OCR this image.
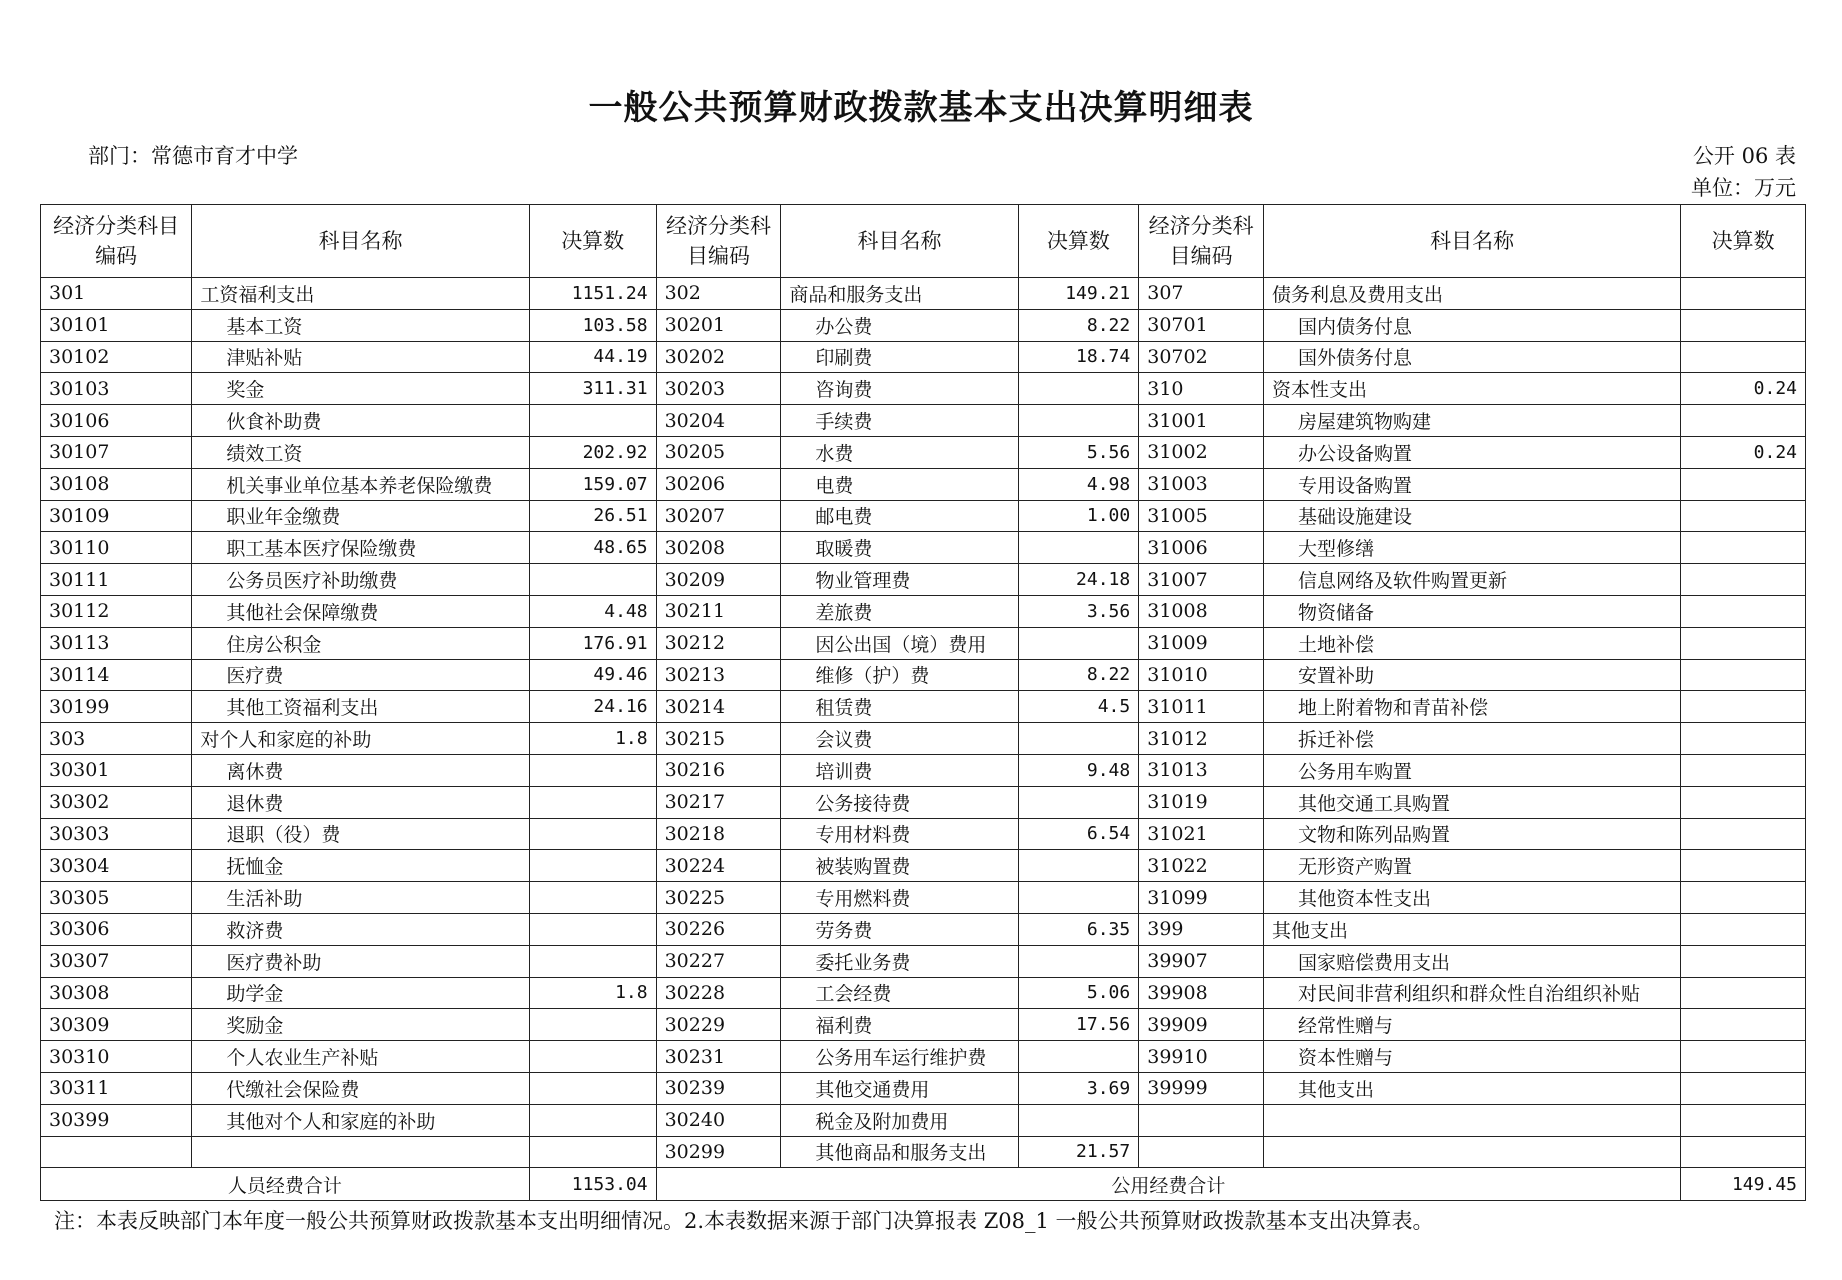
一般公共预算财政拨款基本支出决算明细表
部门：常德市育才中学	公开 06 表
单位：万元
经济分类科目编码	科目名称	决算数	经济分类科目编码	科目名称	决算数	经济分类科目编码	科目名称	决算数
301	工资福利支出	1151.24	302	商品和服务支出	149.21	307	债务利息及费用支出	
30101	基本工资	103.58	30201	办公费	8.22	30701	国内债务付息	
30102	津贴补贴	44.19	30202	印刷费	18.74	30702	国外债务付息	
30103	奖金	311.31	30203	咨询费		310	资本性支出	0.24
30106	伙食补助费		30204	手续费		31001	房屋建筑物购建	
30107	绩效工资	202.92	30205	水费	5.56	31002	办公设备购置	0.24
30108	机关事业单位基本养老保险缴费	159.07	30206	电费	4.98	31003	专用设备购置	
30109	职业年金缴费	26.51	30207	邮电费	1.00	31005	基础设施建设	
30110	职工基本医疗保险缴费	48.65	30208	取暖费		31006	大型修缮	
30111	公务员医疗补助缴费		30209	物业管理费	24.18	31007	信息网络及软件购置更新	
30112	其他社会保障缴费	4.48	30211	差旅费	3.56	31008	物资储备	
30113	住房公积金	176.91	30212	因公出国（境）费用		31009	土地补偿	
30114	医疗费	49.46	30213	维修（护）费	8.22	31010	安置补助	
30199	其他工资福利支出	24.16	30214	租赁费	4.5	31011	地上附着物和青苗补偿	
303	对个人和家庭的补助	1.8	30215	会议费		31012	拆迁补偿	
30301	离休费		30216	培训费	9.48	31013	公务用车购置	
30302	退休费		30217	公务接待费		31019	其他交通工具购置	
30303	退职（役）费		30218	专用材料费	6.54	31021	文物和陈列品购置	
30304	抚恤金		30224	被装购置费		31022	无形资产购置	
30305	生活补助		30225	专用燃料费		31099	其他资本性支出	
30306	救济费		30226	劳务费	6.35	399	其他支出	
30307	医疗费补助		30227	委托业务费		39907	国家赔偿费用支出	
30308	助学金	1.8	30228	工会经费	5.06	39908	对民间非营利组织和群众性自治组织补贴	
30309	奖励金		30229	福利费	17.56	39909	经常性赠与	
30310	个人农业生产补贴		30231	公务用车运行维护费		39910	资本性赠与	
30311	代缴社会保险费		30239	其他交通费用	3.69	39999	其他支出	
30399	其他对个人和家庭的补助		30240	税金及附加费用				
			30299	其他商品和服务支出	21.57			
人员经费合计		1153.04	公用经费合计					149.45
注：本表反映部门本年度一般公共预算财政拨款基本支出明细情况。2.本表数据来源于部门决算报表 Z08_1 一般公共预算财政拨款基本支出决算表。
